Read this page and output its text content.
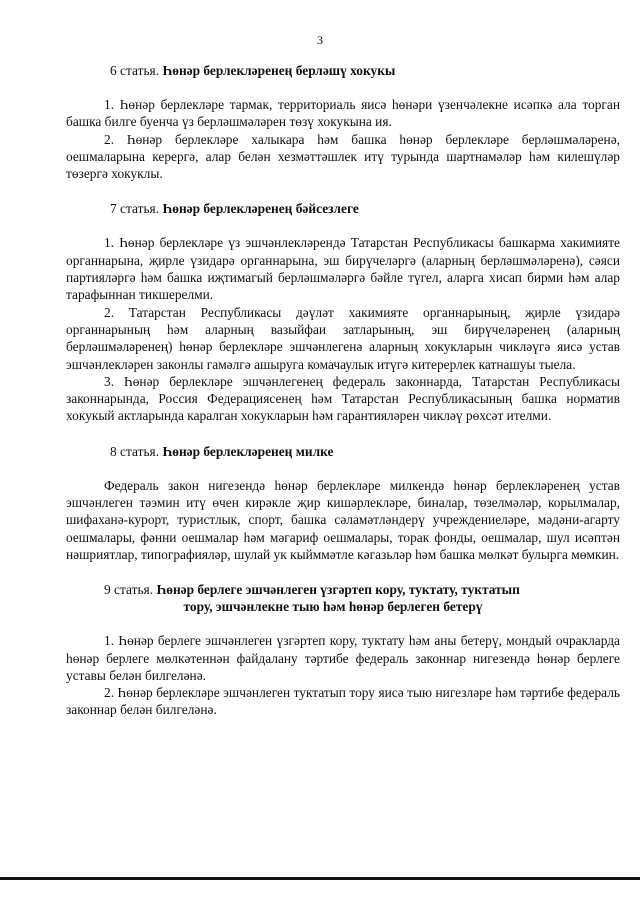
3
6 статья. Һөнәр берлекләренең берләшү хокукы

1. Һөнәр берлекләре тармак, территориаль яисә һөнәри үзенчәлекне исәпкә ала торган башка билге буенча үз берләшмәләрен төзү хокукына ия.

2. Һөнәр берлекләре халыкара һәм башка һөнәр берлекләре берләшмәләренә, оешмаларына керергә, алар белән хезмәттәшлек итү турында шартнамәләр һәм килешүләр төзергә хокуклы.

7 статья. Һөнәр берлекләренең бәйсезлеге

1. Һөнәр берлекләре үз эшчәнлекләрендә Татарстан Республикасы башкарма хакимияте органнарына, җирле үзидарә органнарына, эш бирүчеләргә (аларның берләшмәләренә), сәяси партияләргә һәм башка иҗтимагый берләшмәләргә бәйле түгел, аларга хисап бирми һәм алар тарафыннан тикшерелми.

2. Татарстан Республикасы дәүләт хакимияте органнарының, җирле үзидарә органнарының һәм аларның вазыйфаи затларының, эш бирүчеләренең (аларның берләшмәләренең) һөнәр берлекләре эшчәнлегенә аларның хокукларын чикләүгә яисә устав эшчәнлекләрен законлы гамәлгә ашыруга комачаулык итүгә китерерлек катнашуы тыела.

3. Һөнәр берлекләре эшчәнлегенең федераль законнарда, Татарстан Республикасы законнарында, Россия Федерациясенең һәм Татарстан Республикасының башка норматив хокукый актларында каралган хокукларын һәм гарантияләрен чикләү рөхсәт ителми.

8 статья. Һөнәр берлекләренең милке

Федераль закон нигезендә һөнәр берлекләре милкендә һөнәр берлекләренең устав эшчәнлеген тәэмин итү өчен кирәкле җир кишәрлекләре, биналар, төзелмәләр, корылмалар, шифаханә-курорт, туристлык, спорт, башка сәламәтләндерү учреждениеләре, мәдәни-агарту оешмалары, фәнни оешмалар һәм мәгариф оешмалары, торак фонды, оешмалар, шул исәптән нәшриятлар, типографияләр, шулай ук кыйммәтле кәгазьләр һәм башка мөлкәт булырга мөмкин.

9 статья. Һөнәр берлеге эшчәнлеген үзгәртеп кору, туктату, туктатып
тору, эшчәнлекне тыю һәм һөнәр берлеген бетерү

1. Һөнәр берлеге эшчәнлеген үзгәртеп кору, туктату һәм аны бетерү, мондый очракларда һөнәр берлеге мөлкәтеннән файдалану тәртибе федераль законнар нигезендә һөнәр берлеге уставы белән билгеләнә.

2. Һөнәр берлекләре эшчәнлеген туктатып тору яисә тыю нигезләре һәм тәртибе федераль законнар белән билгеләнә.
